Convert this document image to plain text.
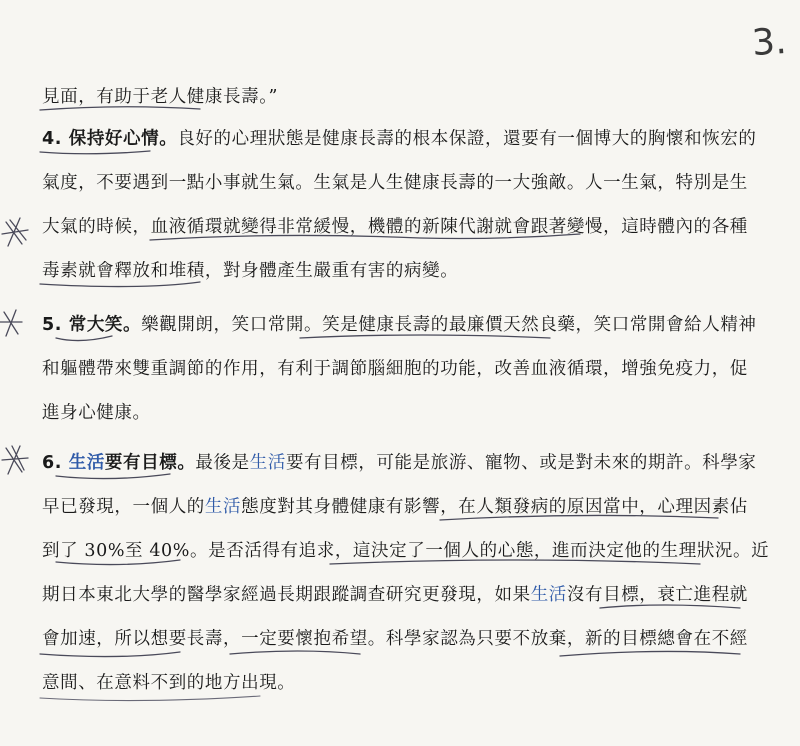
3.
見面，有助于老人健康長壽。”
4. 保持好心情。良好的心理狀態是健康長壽的根本保證，還要有一個博大的胸懷和恢宏的
氣度，不要遇到一點小事就生氣。生氣是人生健康長壽的一大強敵。人一生氣，特別是生
大氣的時候，血液循環就變得非常緩慢，機體的新陳代謝就會跟著變慢，這時體內的各種
毒素就會釋放和堆積，對身體產生嚴重有害的病變。
5. 常大笑。樂觀開朗，笑口常開。笑是健康長壽的最廉價天然良藥，笑口常開會給人精神
和軀體帶來雙重調節的作用，有利于調節腦細胞的功能，改善血液循環，增強免疫力，促
進身心健康。
6. 生活要有目標。最後是生活要有目標，可能是旅游、寵物、或是對未來的期許。科學家
早已發現，一個人的生活態度對其身體健康有影響，在人類發病的原因當中，心理因素佔
到了 30%至 40%。是否活得有追求，這決定了一個人的心態，進而決定他的生理狀況。近
期日本東北大學的醫學家經過長期跟蹤調查研究更發現，如果生活沒有目標，衰亡進程就
會加速，所以想要長壽，一定要懷抱希望。科學家認為只要不放棄，新的目標總會在不經
意間、在意料不到的地方出現。
